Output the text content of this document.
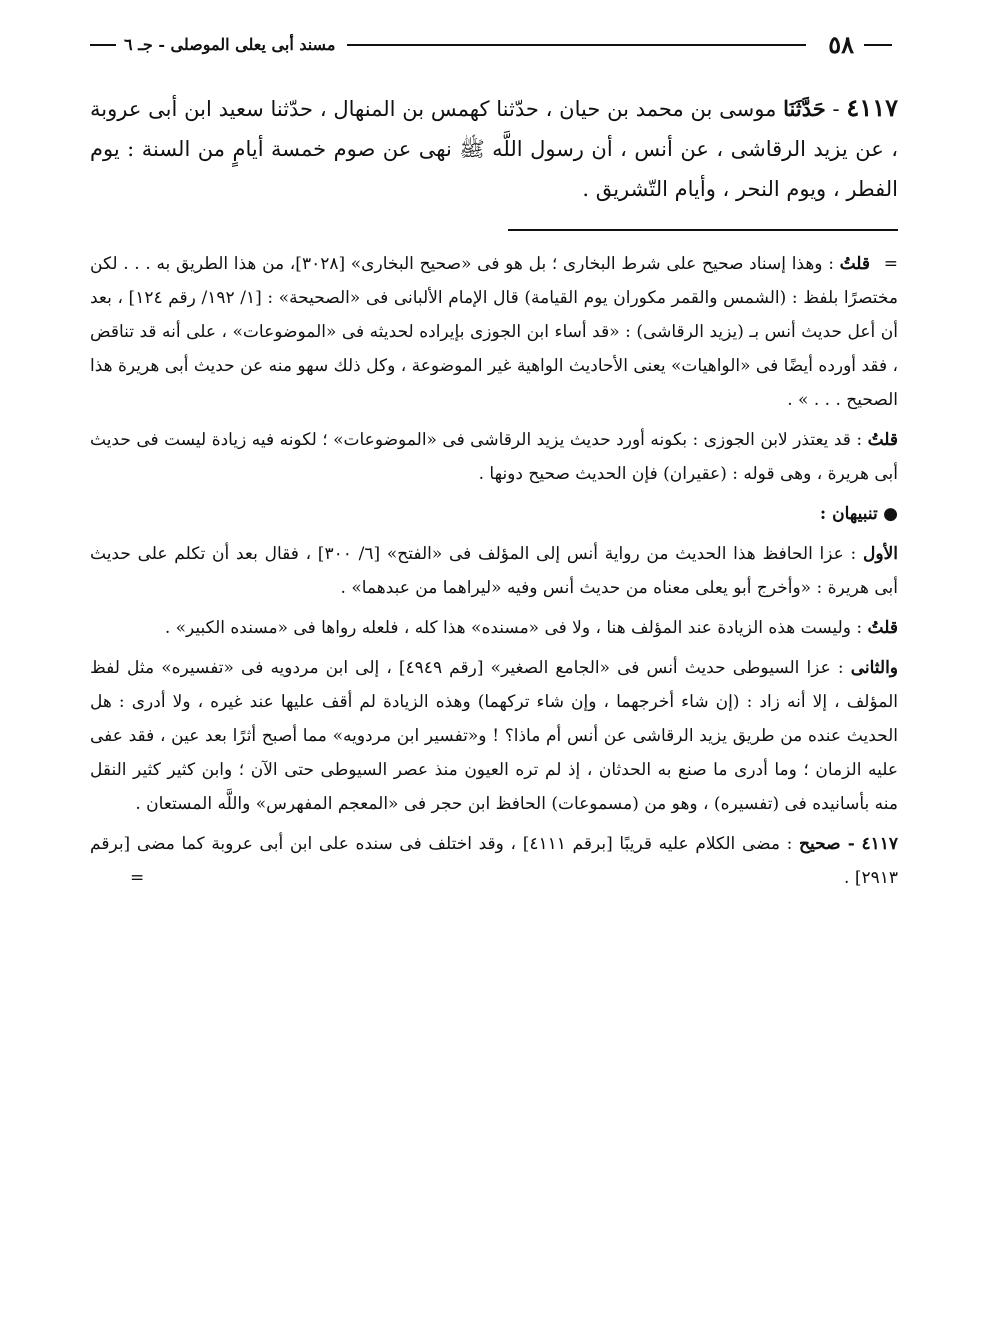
٥٨
مسند أبى يعلى الموصلى - جـ ٦
٤١١٧ - حَدَّثَنَا موسى بن محمد بن حيان ، حدّثنا كهمس بن المنهال ، حدّثنا سعيد ابن أبى عروبة ، عن يزيد الرقاشى ، عن أنس ، أن رسول اللَّه ﷺ نهى عن صوم خمسة أيامٍ من السنة : يوم الفطر ، ويوم النحر ، وأيام التّشريق .

= قلتُ : وهذا إسناد صحيح على شرط البخارى ؛ بل هو فى «صحيح البخارى» [٣٠٢٨]، من هذا الطريق به . . . لكن مختصرًا بلفظ : (الشمس والقمر مكوران يوم القيامة) قال الإمام الألبانى فى «الصحيحة» : [١/ ١٩٢/ رقم ١٢٤] ، بعد أن أعل حديث أنس بـ (يزيد الرقاشى) : «قد أساء ابن الجوزى بإيراده لحديثه فى «الموضوعات» ، على أنه قد تناقض ، فقد أورده أيضًا فى «الواهيات» يعنى الأحاديث الواهية غير الموضوعة ، وكل ذلك سهو منه عن حديث أبى هريرة هذا الصحيح . . . » .

قلتُ : قد يعتذر لابن الجوزى : بكونه أورد حديث يزيد الرقاشى فى «الموضوعات» ؛ لكونه فيه زيادة ليست فى حديث أبى هريرة ، وهى قوله : (عقيران) فإن الحديث صحيح دونها .

● تنبيهان :

الأول : عزا الحافظ هذا الحديث من رواية أنس إلى المؤلف فى «الفتح» [٦/ ٣٠٠] ، فقال بعد أن تكلم على حديث أبى هريرة : «وأخرج أبو يعلى معناه من حديث أنس وفيه «ليراهما من عبدهما» .

قلتُ : وليست هذه الزيادة عند المؤلف هنا ، ولا فى «مسنده» هذا كله ، فلعله رواها فى «مسنده الكبير» .

والثانى : عزا السيوطى حديث أنس فى «الجامع الصغير» [رقم ٤٩٤٩] ، إلى ابن مردويه فى «تفسيره» مثل لفظ المؤلف ، إلا أنه زاد : (إن شاء أخرجهما ، وإن شاء تركهما) وهذه الزيادة لم أقف عليها عند غيره ، ولا أدرى : هل الحديث عنده من طريق يزيد الرقاشى عن أنس أم ماذا؟ ! و«تفسير ابن مردويه» مما أصبح أثرًا بعد عين ، فقد عفى عليه الزمان ؛ وما أدرى ما صنع به الحدثان ، إذ لم تره العيون منذ عصر السيوطى حتى الآن ؛ وابن كثير كثير النقل منه بأسانيده فى (تفسيره) ، وهو من (مسموعات) الحافظ ابن حجر فى «المعجم المفهرس» واللَّه المستعان .

٤١١٧ - صحيح : مضى الكلام عليه قريبًا [برقم ٤١١١] ، وقد اختلف فى سنده على ابن أبى عروبة كما مضى [برقم ٢٩١٣] .
=
